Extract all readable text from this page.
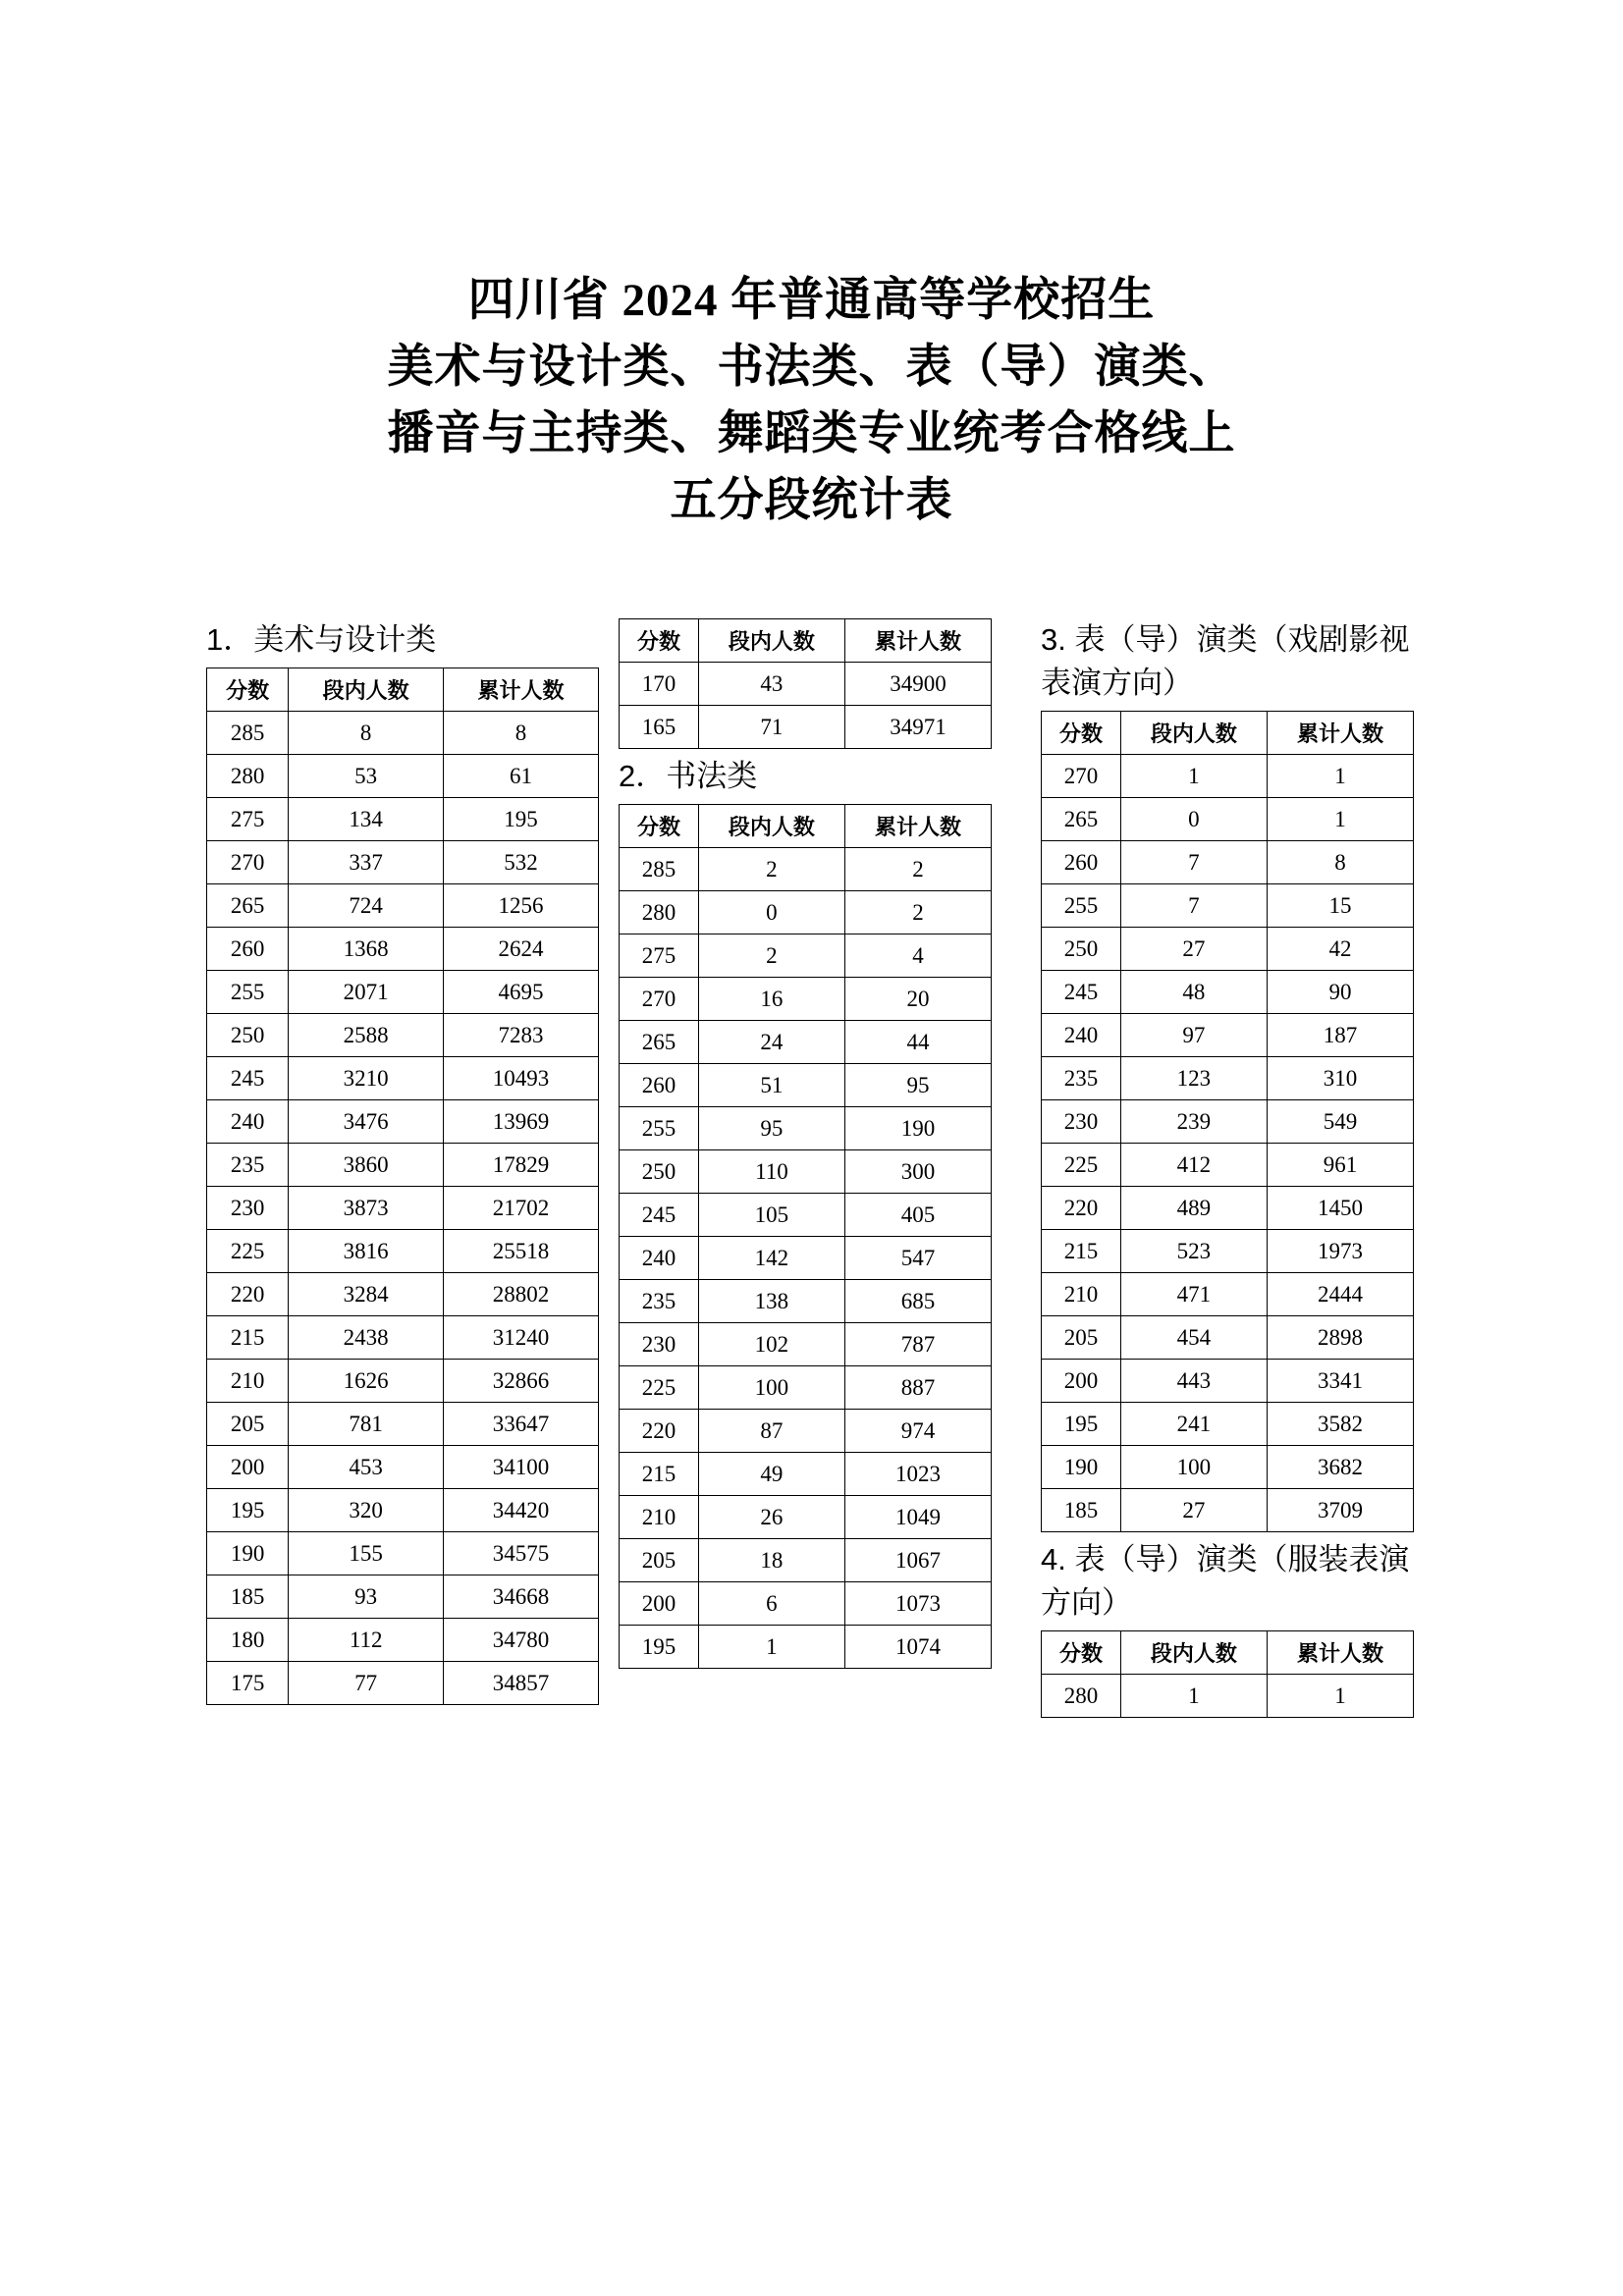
四川省 2024 年普通高等学校招生
美术与设计类、书法类、表（导）演类、
播音与主持类、舞蹈类专业统考合格线上
五分段统计表
1．美术与设计类
分数	段内人数	累计人数
285	8	8
280	53	61
275	134	195
270	337	532
265	724	1256
260	1368	2624
255	2071	4695
250	2588	7283
245	3210	10493
240	3476	13969
235	3860	17829
230	3873	21702
225	3816	25518
220	3284	28802
215	2438	31240
210	1626	32866
205	781	33647
200	453	34100
195	320	34420
190	155	34575
185	93	34668
180	112	34780
175	77	34857
分数	段内人数	累计人数
170	43	34900
165	71	34971
2．书法类
分数	段内人数	累计人数
285	2	2
280	0	2
275	2	4
270	16	20
265	24	44
260	51	95
255	95	190
250	110	300
245	105	405
240	142	547
235	138	685
230	102	787
225	100	887
220	87	974
215	49	1023
210	26	1049
205	18	1067
200	6	1073
195	1	1074
3. 表（导）演类（戏剧影视表演方向）
分数	段内人数	累计人数
270	1	1
265	0	1
260	7	8
255	7	15
250	27	42
245	48	90
240	97	187
235	123	310
230	239	549
225	412	961
220	489	1450
215	523	1973
210	471	2444
205	454	2898
200	443	3341
195	241	3582
190	100	3682
185	27	3709
4. 表（导）演类（服装表演方向）
分数	段内人数	累计人数
280	1	1
